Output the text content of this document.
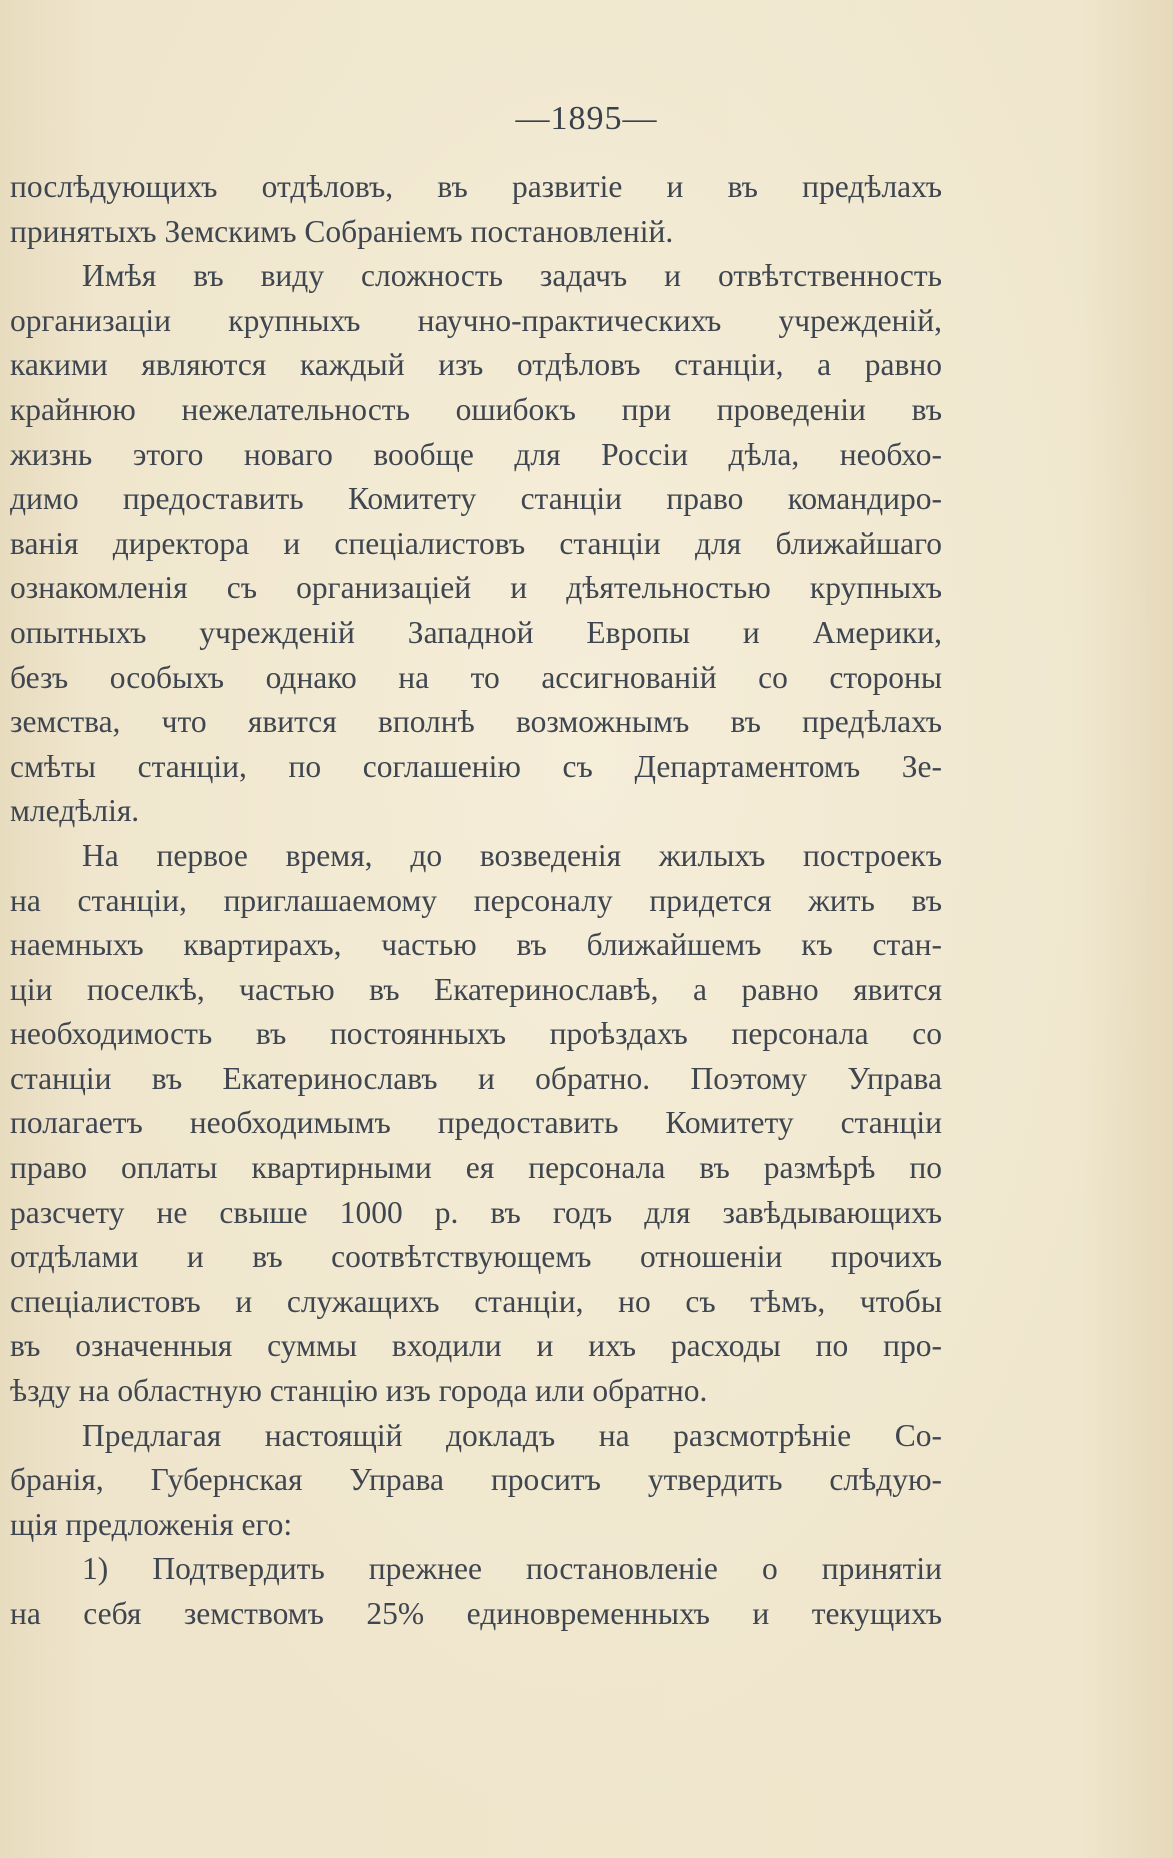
—1895—
послѣдующихъ отдѣловъ, въ развитіе и въ предѣлахъ
принятыхъ Земскимъ Собраніемъ постановленій.
Имѣя въ виду сложность задачъ и отвѣтственность
организаціи крупныхъ научно-практическихъ учрежденій,
какими являются каждый изъ отдѣловъ станціи, а равно
крайнюю нежелательность ошибокъ при проведеніи въ
жизнь этого новаго вообще для Россіи дѣла, необхо-
димо предоставить Комитету станціи право командиро-
ванія директора и спеціалистовъ станціи для ближайшаго
ознакомленія съ организаціей и дѣятельностью крупныхъ
опытныхъ учрежденій Западной Европы и Америки,
безъ особыхъ однако на то ассигнованій со стороны
земства, что явится вполнѣ возможнымъ въ предѣлахъ
смѣты станціи, по соглашенію съ Департаментомъ Зе-
мледѣлія.
На первое время, до возведенія жилыхъ построекъ
на станціи, приглашаемому персоналу придется жить въ
наемныхъ квартирахъ, частью въ ближайшемъ къ стан-
ціи поселкѣ, частью въ Екатеринославѣ, а равно явится
необходимость въ постоянныхъ проѣздахъ персонала со
станціи въ Екатеринославъ и обратно. Поэтому Управа
полагаетъ необходимымъ предоставить Комитету станціи
право оплаты квартирными ея персонала въ размѣрѣ по
разсчету не свыше 1000 р. въ годъ для завѣдывающихъ
отдѣлами и въ соотвѣтствующемъ отношеніи прочихъ
спеціалистовъ и служащихъ станціи, но съ тѣмъ, чтобы
въ означенныя суммы входили и ихъ расходы по про-
ѣзду на областную станцію изъ города или обратно.
Предлагая настоящій докладъ на разсмотрѣніе Со-
бранія, Губернская Управа проситъ утвердить слѣдую-
щія предложенія его:
1) Подтвердить прежнее постановленіе о принятіи
на себя земствомъ 25% единовременныхъ и текущихъ
